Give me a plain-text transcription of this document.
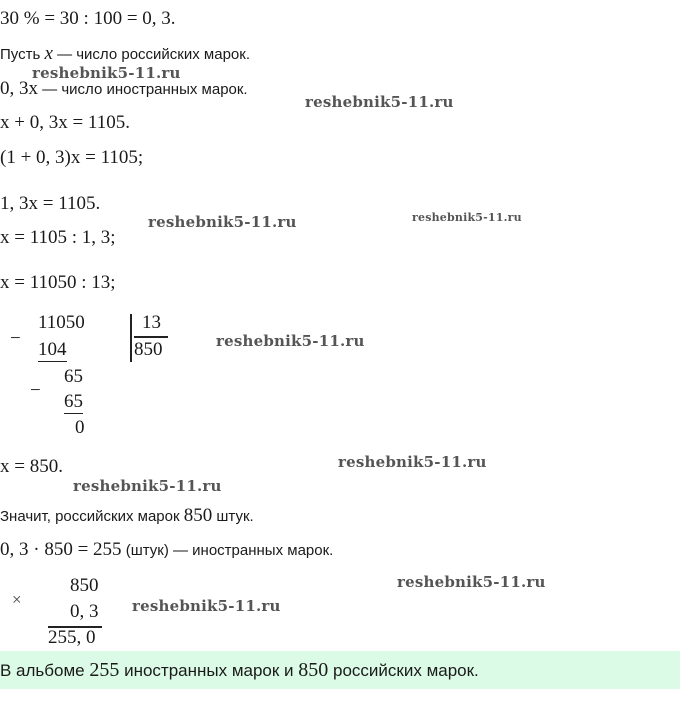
30 % = 30 : 100 = 0, 3.
Пусть x — число российских марок.
0, 3x — число иностранных марок.
x + 0, 3x = 1105.
(1 + 0, 3)x = 1105;
1, 3x = 1105.
x = 1105 : 1, 3;
x = 11050 : 13;
−
11050
104
−
65
65
0
13
850
x = 850.
Значит, российских марок 850 штук.
0, 3 · 850 = 255 (штук) — иностранных марок.
×
850
0, 3
255, 0
В альбоме 255 иностранных марок и 850 российских марок.
reshebnik5-11.ru
reshebnik5-11.ru
reshebnik5-11.ru	reshebnik5-11.ru
reshebnik5-11.ru
reshebnik5-11.ru
reshebnik5-11.ru
reshebnik5-11.ru
reshebnik5-11.ru
